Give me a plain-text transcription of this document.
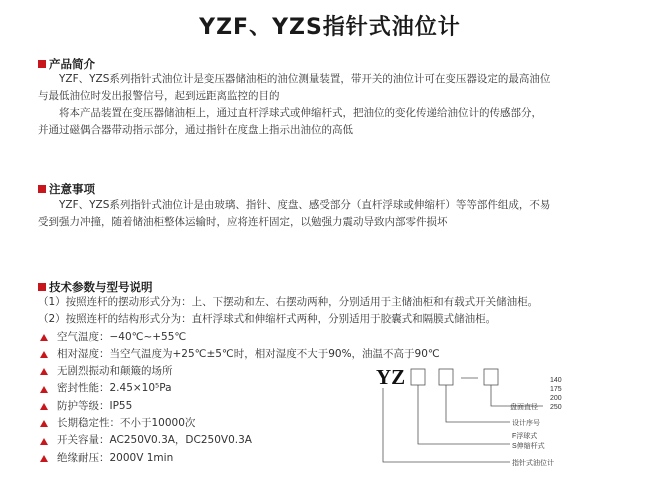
YZF、YZS指针式油位计
产品简介

YZF、YZS系列指针式油位计是变压器储油柜的油位测量装置，带开关的油位计可在变压器设定的最高油位

与最低油位时发出报警信号，起到远距离监控的目的

将本产品装置在变压器储油柜上，通过直杆浮球式或伸缩杆式，把油位的变化传递给油位计的传感部分，

并通过磁偶合器带动指示部分，通过指针在度盘上指示出油位的高低

注意事项

YZF、YZS系列指针式油位计是由玻璃、指针、度盘、感受部分（直杆浮球或伸缩杆）等等部件组成，不易

受到强力冲撞，随着储油柜整体运输时，应将连杆固定，以勉强力震动导致内部零件损坏

技术参数与型号说明
（1）按照连杆的摆动形式分为：上、下摆动和左、右摆动两种，分别适用于主储油柜和有载式开关储油柜。
（2）按照连杆的结构形式分为：直杆浮球式和伸缩杆式两种，分别适用于胶囊式和隔膜式储油柜。
空气温度：−40℃~+55℃
相对湿度：当空气温度为+25℃±5℃时，相对湿度不大于90%，油温不高于90℃
无剧烈振动和颠簸的场所
密封性能：2.45×10⁵Pa
防护等级：IP55
长期稳定性：不小于10000次
开关容量：AC250V0.3A，DC250V0.3A
绝缘耐压：2000V 1min
YZ	140
175
200
250
盘面直径
设计序号
F浮球式
S伸缩杆式
指针式油位计
